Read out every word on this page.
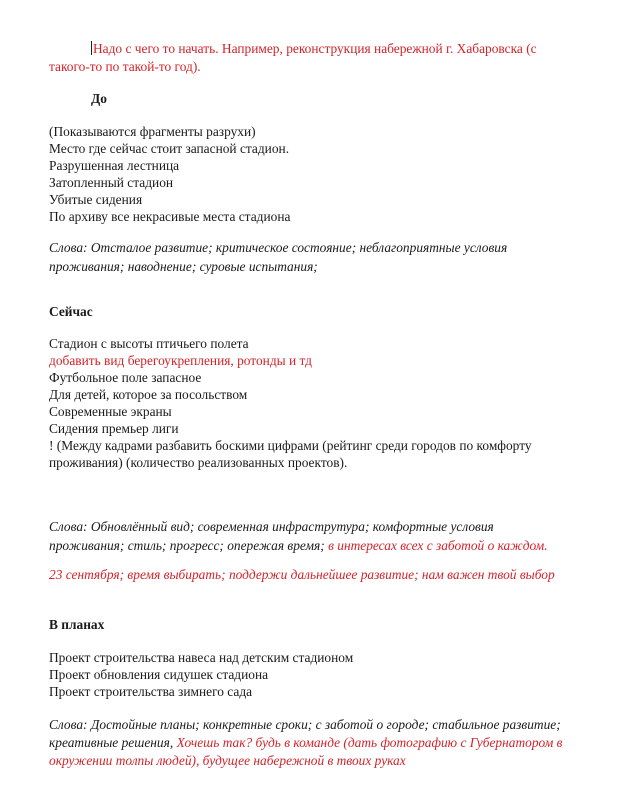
Надо с чего то начать. Например, реконструкция набережной г. Хабаровска (с
такого-то по такой-то год).
До
(Показываются фрагменты разрухи)
Место где сейчас стоит запасной стадион.
Разрушенная лестница
Затопленный стадион
Убитые сидения
По архиву все некрасивые места стадиона
Слова: Отсталое развитие; критическое состояние; неблагоприятные условия
проживания; наводнение; суровые испытания;
Сейчас
Стадион с высоты птичьего полета
добавить вид берегоукрепления, ротонды и тд
Футбольное поле запасное
Для детей, которое за посольством
Современные экраны
Сидения премьер лиги
! (Между кадрами разбавить боскими цифрами (рейтинг среди городов по комфорту
проживания) (количество реализованных проектов).
Слова: Обновлённый вид; современная инфраструтура; комфортные условия
проживания; стиль; прогресс; опережая время; в интересах всех с заботой о каждом.
23 сентября; время выбирать; поддержи дальнейшее развитие; нам важен твой выбор
В планах
Проект строительства навеса над детским стадионом
Проект обновления сидушек стадиона
Проект строительства зимнего сада
Слова: Достойные планы; конкретные сроки; с заботой о городе; стабильное развитие;
креативные решения, Хочешь так? будь в команде (дать фотографию с Губернатором в
окружении толпы людей), будущее набережной в твоих руках
